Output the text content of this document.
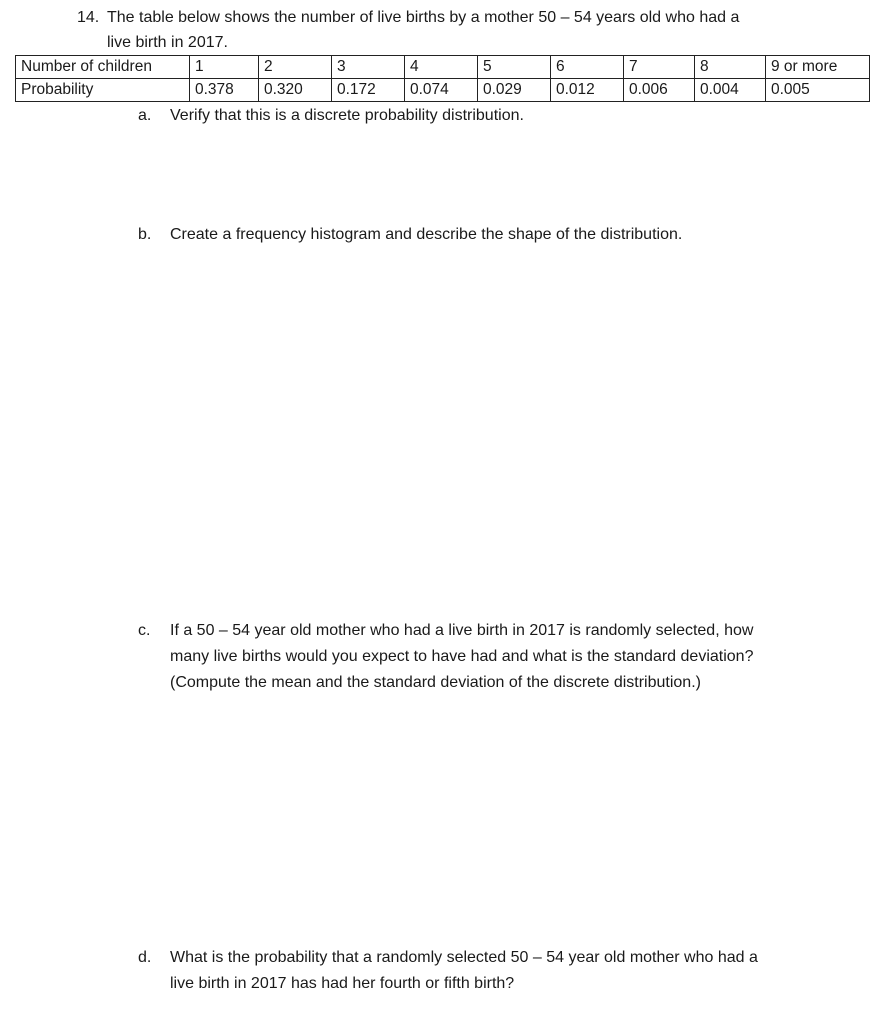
14. The table below shows the number of live births by a mother 50 – 54 years old who had a
live birth in 2017.
Number of children	1	2	3	4	5	6	7	8	9 or more
Probability	0.378	0.320	0.172	0.074	0.029	0.012	0.006	0.004	0.005
a.	Verify that this is a discrete probability distribution.
b.	Create a frequency histogram and describe the shape of the distribution.
c.	If a 50 – 54 year old mother who had a live birth in 2017 is randomly selected, how
many live births would you expect to have had and what is the standard deviation?
(Compute the mean and the standard deviation of the discrete distribution.)
d.	What is the probability that a randomly selected 50 – 54 year old mother who had a
live birth in 2017 has had her fourth or fifth birth?
